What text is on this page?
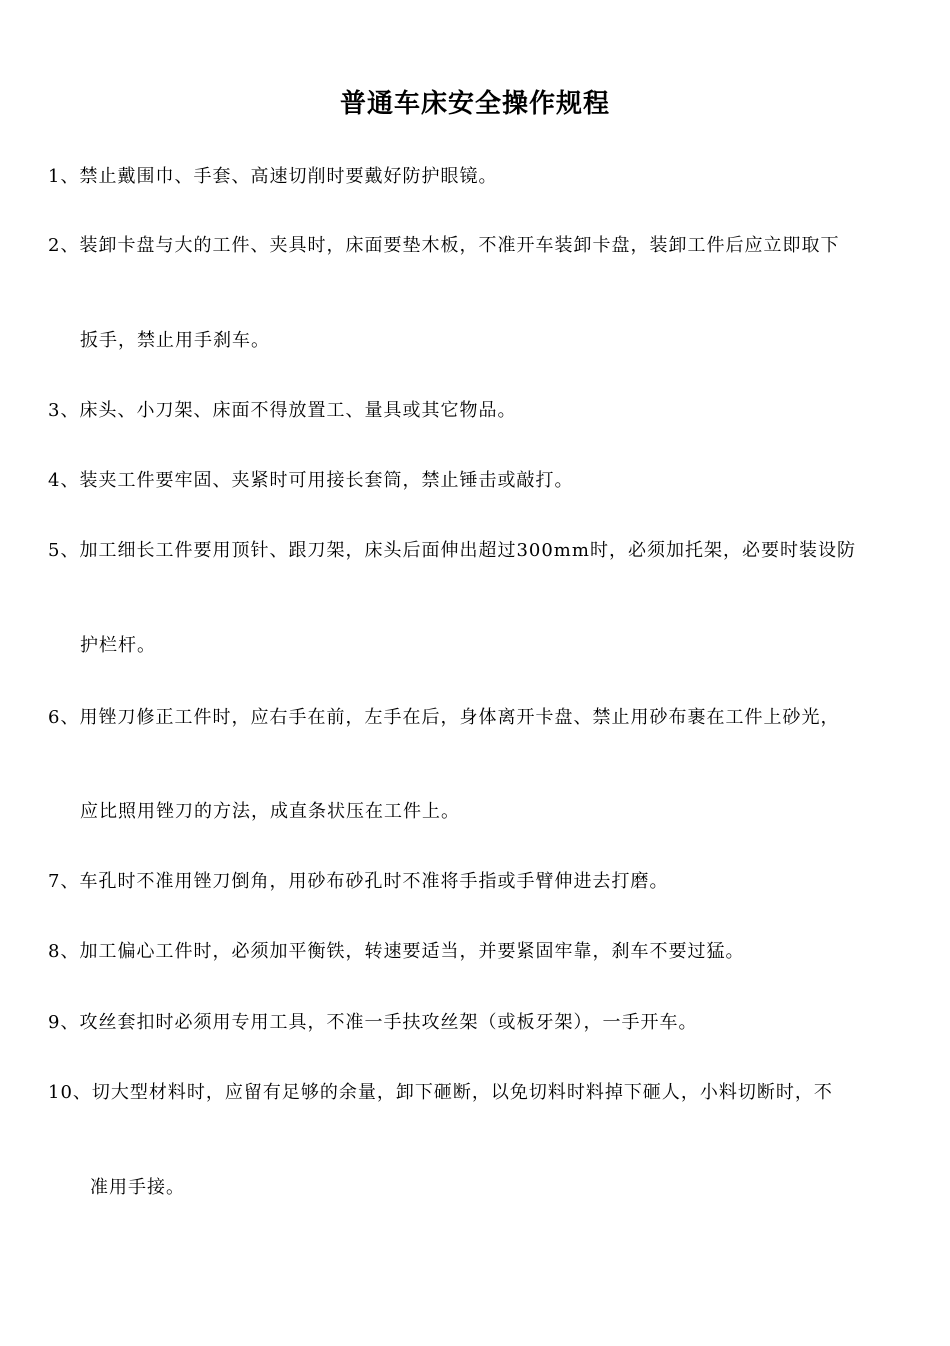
普通车床安全操作规程
1、禁止戴围巾、手套、高速切削时要戴好防护眼镜。
2、装卸卡盘与大的工件、夹具时，床面要垫木板，不准开车装卸卡盘，装卸工件后应立即取下
扳手，禁止用手刹车。
3、床头、小刀架、床面不得放置工、量具或其它物品。
4、装夹工件要牢固、夹紧时可用接长套筒，禁止锤击或敲打。
5、加工细长工件要用顶针、跟刀架，床头后面伸出超过300mm时，必须加托架，必要时装设防
护栏杆。
6、用锉刀修正工件时，应右手在前，左手在后，身体离开卡盘、禁止用砂布裹在工件上砂光，
应比照用锉刀的方法，成直条状压在工件上。
7、车孔时不准用锉刀倒角，用砂布砂孔时不准将手指或手臂伸进去打磨。
8、加工偏心工件时，必须加平衡铁，转速要适当，并要紧固牢靠，刹车不要过猛。
9、攻丝套扣时必须用专用工具，不准一手扶攻丝架（或板牙架），一手开车。
10、切大型材料时，应留有足够的余量，卸下砸断，以免切料时料掉下砸人，小料切断时，不
准用手接。
